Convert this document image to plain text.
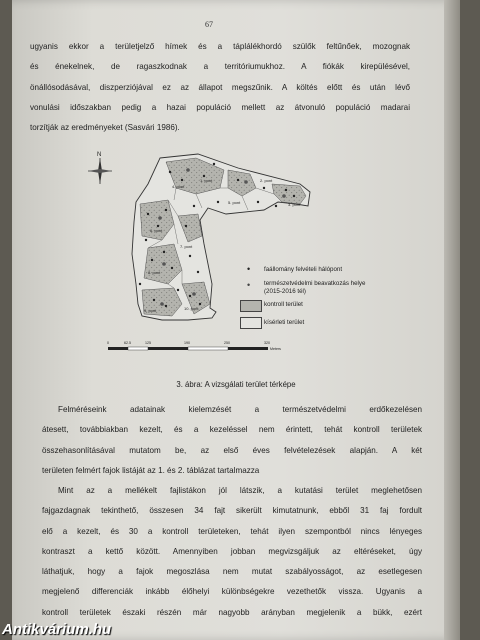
67
ugyanis ekkor a területjelző hímek és a táplálékhordó szülők feltűnőek, mozognak
és énekelnek, de ragaszkodnak a territóriumukhoz. A fiókák kirepülésével,
önállósodásával, diszperziójával ez az állapot megszűnik. A költés előtt és után lévő
vonulási időszakban pedig a hazai populáció mellett az átvonuló populáció madarai
torzítják az eredményeket (Sasvári 1986).
N
1. pont	2. pont
3. pont
4. pont
5. pont
6. pont
7. pont
8. pont
9. pont	10. pont
0	62.5	125	190	250	320
Meters
• faállomány felvételi hálópont
• természetvédelmi beavatkozás helye (2015-2016 tél)
kontroll terület
kísérleti terület
3. ábra: A vizsgálati terület térképe
Felméréseink adatainak kielemzését a természetvédelmi erdőkezelésen
átesett, továbbiakban kezelt, és a kezeléssel nem érintett, tehát kontroll területek
összehasonlításával mutatom be, az első éves felvételezések alapján. A két
területen felmért fajok listáját az 1. és 2. táblázat tartalmazza
Mint az a mellékelt fajlistákon jól látszik, a kutatási terület meglehetősen
fajgazdagnak tekinthető, összesen 34 fajt sikerült kimutatnunk, ebből 31 faj fordult
elő a kezelt, és 30 a kontroll területeken, tehát ilyen szempontból nincs lényeges
kontraszt a kettő között. Amennyiben jobban megvizsgáljuk az eltéréseket, úgy
láthatjuk, hogy a fajok megoszlása nem mutat szabályosságot, az esetlegesen
megjelenő differenciák inkább élőhelyi különbségekre vezethetők vissza. Ugyanis a
kontroll területek északi részén már nagyobb arányban megjelenik a bükk, ezért
Antikvárium.hu
